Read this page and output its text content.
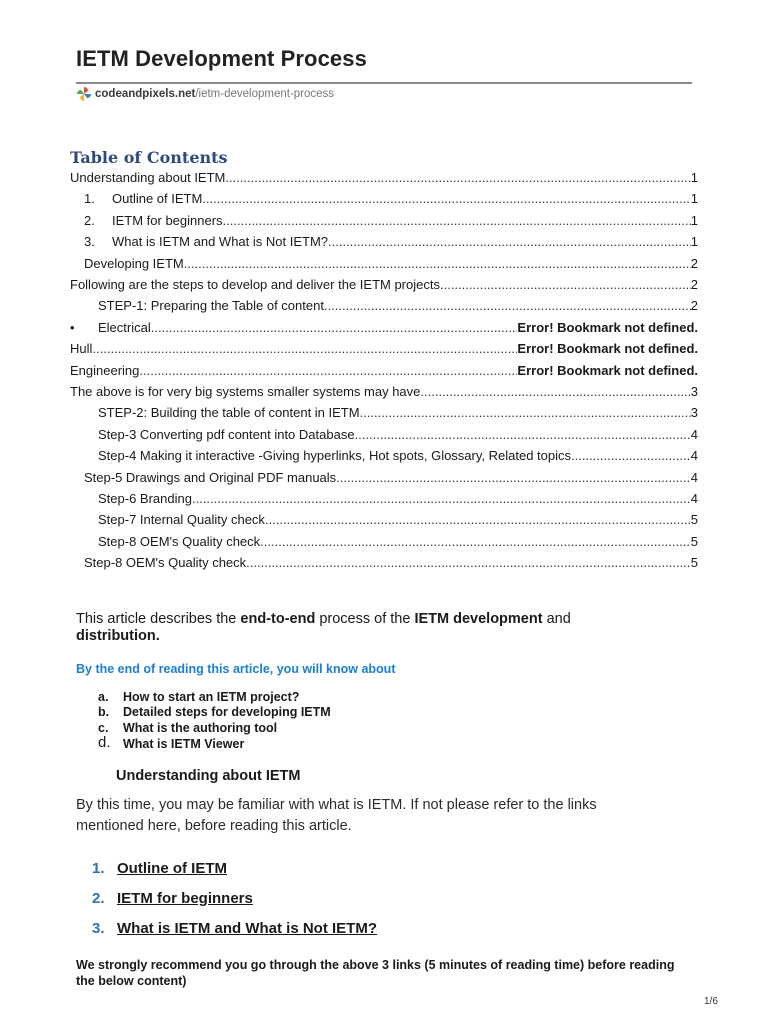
IETM Development Process
codeandpixels.net /ietm-development-process
Table of Contents
Understanding about IETM .....	1
1. Outline of IETM .....	1
2. IETM for beginners .....	1
3. What is IETM and What is Not IETM? .....	1
Developing IETM .....	2
Following are the steps to develop and deliver the IETM projects. .....	2
STEP-1: Preparing the Table of content .....	2
• Electrical .....	Error! Bookmark not defined.
Hull .....	Error! Bookmark not defined.
Engineering .....	Error! Bookmark not defined.
The above is for very big systems smaller systems may have .....	3
STEP-2: Building the table of content in IETM .....	3
Step-3 Converting pdf content into Database .....	4
Step-4 Making it interactive -Giving hyperlinks, Hot spots, Glossary, Related topics .....	4
Step-5 Drawings and Original PDF manuals .....	4
Step-6 Branding .....	4
Step-7 Internal Quality check .....	5
Step-8 OEM's Quality check .....	5
Step-8 OEM's Quality check .....	5
This article describes the end-to-end process of the IETM development and
distribution.
By the end of reading this article, you will know about
a. How to start an IETM project?
b. Detailed steps for developing IETM
c. What is the authoring tool
d. What is IETM Viewer
Understanding about IETM
By this time, you may be familiar with what is IETM. If not please refer to the links mentioned here, before reading this article.
1. Outline of IETM
2. IETM for beginners
3. What is IETM and What is Not IETM?
We strongly recommend you go through the above 3 links (5 minutes of reading time) before reading the below content)
1/6
